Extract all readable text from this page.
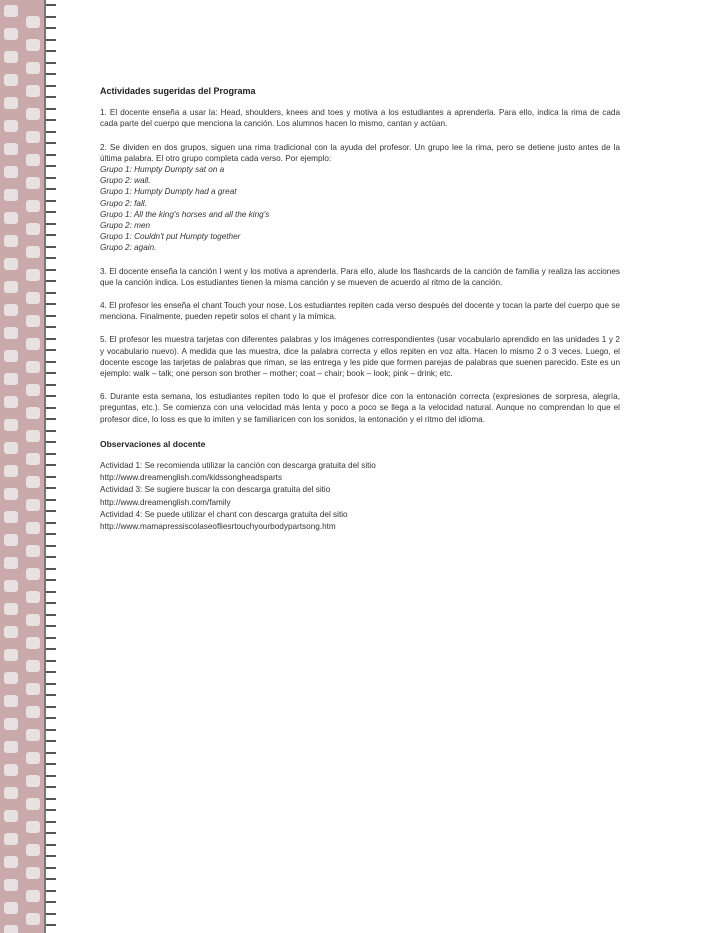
Actividades sugeridas del Programa

1. El docente enseña a usar la: Head, shoulders, knees and toes y motiva a los estudiantes a aprenderla. Para ello, indica la rima de cada cada parte del cuerpo que menciona la canción. Los alumnos hacen lo mismo, cantan y actúan.

2. Se dividen en dos grupos, siguen una rima tradicional con la ayuda del profesor. Un grupo lee la rima, pero se detiene justo antes de la última palabra. El otro grupo completa cada verso. Por ejemplo:
Grupo 1: Humpty Dumpty sat on a
Grupo 2: wall.
Grupo 1: Humpty Dumpty had a great
Grupo 2: fall.
Grupo 1: All the king's horses and all the king's
Grupo 2: men
Grupo 1: Couldn't put Humpty together
Grupo 2: again.

3. El docente enseña la canción I went y los motiva a aprenderla. Para ello, alude los flashcards de la canción de familia y realiza las acciones que la canción indica. Los estudiantes tienen la misma canción y se mueven de acuerdo al ritmo de la canción.

4. El profesor les enseña el chant Touch your nose. Los estudiantes repiten cada verso después del docente y tocan la parte del cuerpo que se menciona. Finalmente, pueden repetir solos el chant y la mímica.

5. El profesor les muestra tarjetas con diferentes palabras y los imágenes correspondientes (usar vocabulario aprendido en las unidades 1 y 2 y vocabulario nuevo). A medida que las muestra, dice la palabra correcta y ellos repiten en voz alta. Hacen lo mismo 2 o 3 veces. Luego, el docente escoge las tarjetas de palabras que riman, se las entrega y les pide que formen parejas de palabras que suenen parecido. Este es un ejemplo: walk – talk; one person son brother – mother; coat – chair; book – look; pink – drink; etc.

6. Durante esta semana, los estudiantes repiten todo lo que el profesor dice con la entonación correcta (expresiones de sorpresa, alegría, preguntas, etc.). Se comienza con una velocidad más lenta y poco a poco se llega a la velocidad natural. Aunque no comprendan lo que el profesor dice, lo loss es que lo imiten y se familiaricen con los sonidos, la entonación y el ritmo del idioma.

Observaciones al docente
Actividad 1: Se recomienda utilizar la canción con descarga gratuita del sitio
http://www.dreamenglish.com/kidssongheadsparts
Actividad 3: Se sugiere buscar la con descarga gratuita del sitio
http://www.dreamenglish.com/family
Actividad 4: Se puede utilizar el chant con descarga gratuita del sitio
http://www.mamapressiscolaseofliesrtouchyourbodypartsong.htm
